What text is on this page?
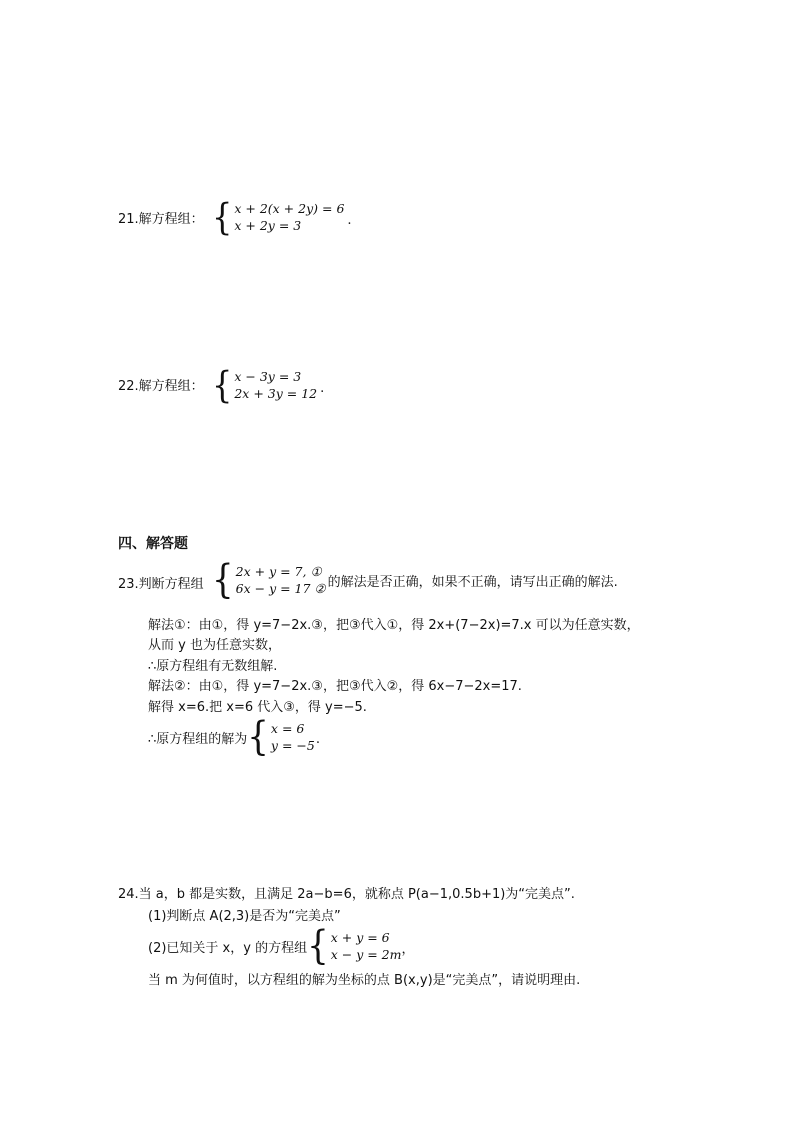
21.解方程组： { x + 2(x + 2y) = 6
x + 2y = 3	.
22.解方程组： { x − 3y = 3
2x + 3y = 12 .
四、解答题
23.判断方程组 { 2x + y = 7, ①
6x − y = 17 ② 的解法是否正确，如果不正确，请写出正确的解法.
解法①：由①，得 y=7−2x.③，把③代入①，得 2x+(7−2x)=7.x 可以为任意实数，
从而 y 也为任意实数，
∴原方程组有无数组解.
解法②：由①，得 y=7−2x.③，把③代入②，得 6x−7−2x=17.
解得 x=6.把 x=6 代入③，得 y=−5.
∴原方程组的解为 { x = 6
y = −5 .
24.当 a，b 都是实数，且满足 2a−b=6，就称点 P(a−1,0.5b+1)为“完美点”.
(1)判断点 A(2,3)是否为“完美点”
(2)已知关于 x，y 的方程组 { x + y = 6
x − y = 2m ，
当 m 为何值时，以方程组的解为坐标的点 B(x,y)是“完美点”，请说明理由.
